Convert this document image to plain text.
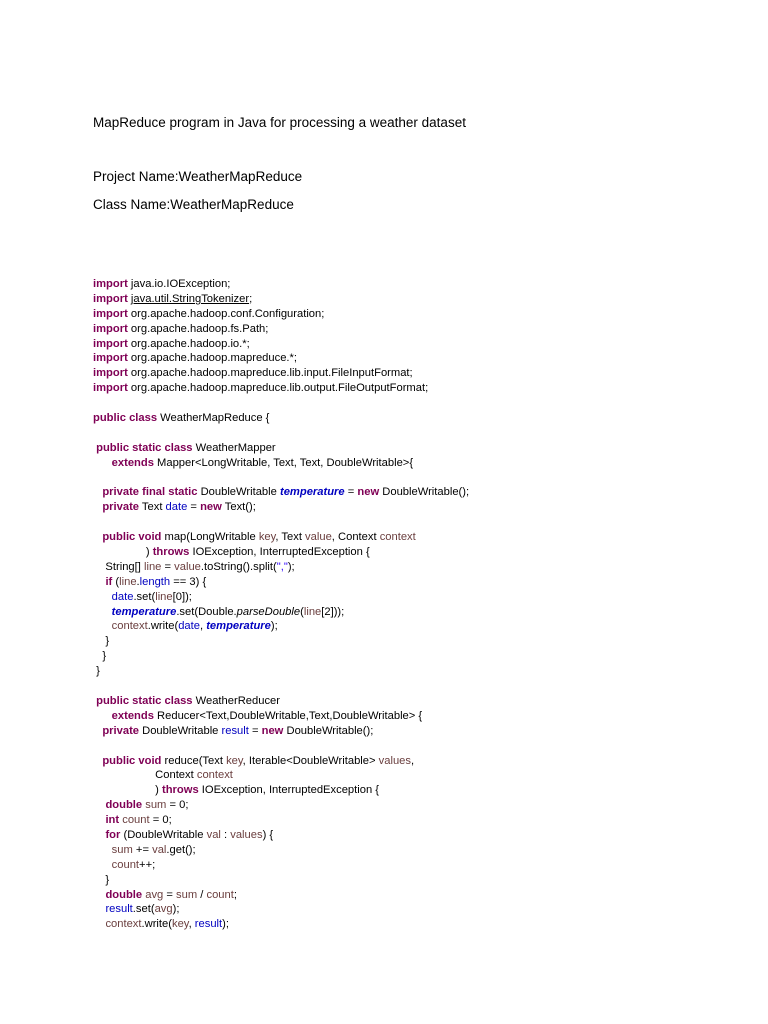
MapReduce program in Java for processing a weather dataset
Project Name:WeatherMapReduce
Class Name:WeatherMapReduce
import java.io.IOException;
import java.util.StringTokenizer;
import org.apache.hadoop.conf.Configuration;
import org.apache.hadoop.fs.Path;
import org.apache.hadoop.io.*;
import org.apache.hadoop.mapreduce.*;
import org.apache.hadoop.mapreduce.lib.input.FileInputFormat;
import org.apache.hadoop.mapreduce.lib.output.FileOutputFormat;
public class WeatherMapReduce {
public static class WeatherMapper
extends Mapper<LongWritable, Text, Text, DoubleWritable>{
private final static DoubleWritable temperature = new DoubleWritable();
private Text date = new Text();
public void map(LongWritable key, Text value, Context context
) throws IOException, InterruptedException {
String[] line = value.toString().split(",");
if (line.length == 3) {
date.set(line[0]);
temperature.set(Double.parseDouble(line[2]));
context.write(date, temperature);
}
}
}
public static class WeatherReducer
extends Reducer<Text,DoubleWritable,Text,DoubleWritable> {
private DoubleWritable result = new DoubleWritable();
public void reduce(Text key, Iterable<DoubleWritable> values,
Context context
) throws IOException, InterruptedException {
double sum = 0;
int count = 0;
for (DoubleWritable val : values) {
sum += val.get();
count++;
}
double avg = sum / count;
result.set(avg);
context.write(key, result);
